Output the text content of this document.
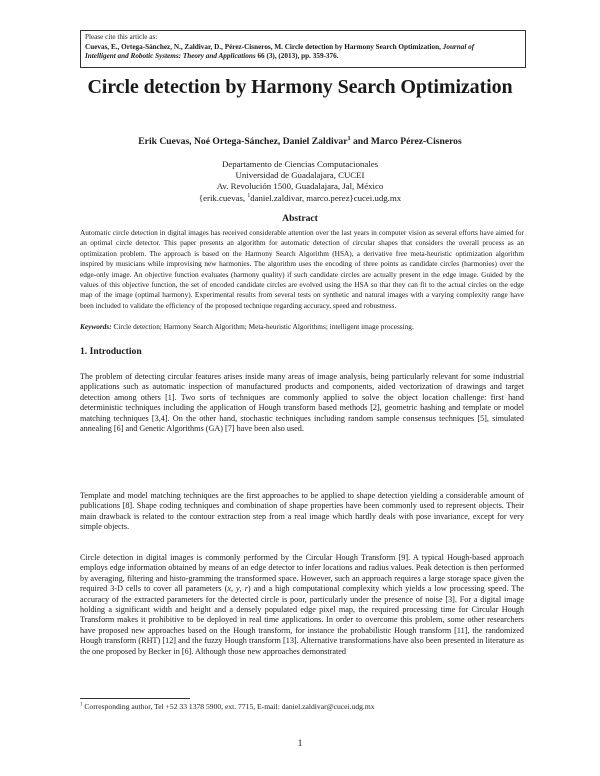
Please cite this article as:
Cuevas, E., Ortega-Sánchez, N., Zaldivar, D., Pérez-Cisneros, M. Circle detection by Harmony Search Optimization, Journal of
Intelligent and Robotic Systems: Theory and Applications 66 (3), (2013), pp. 359-376.
Circle detection by Harmony Search Optimization
Erik Cuevas, Noé Ortega-Sánchez, Daniel Zaldivar$^1$ and Marco Pérez-Cisneros
Departamento de Ciencias Computacionales
Universidad de Guadalajara, CUCEI
Av. Revolución 1500, Guadalajara, Jal, México
{erik.cuevas, $^1$daniel.zaldivar, marco.perez}cucei.udg.mx
Abstract

Automatic circle detection in digital images has received considerable attention over the last years in computer vision as several efforts have aimed for an optimal circle detector. This paper presents an algorithm for automatic detection of circular shapes that considers the overall process as an optimization problem. The approach is based on the Harmony Search Algorithm (HSA), a derivative free meta-heuristic optimization algorithm inspired by musicians while improvising new harmonies. The algorithm uses the encoding of three points as candidate circles (harmonies) over the edge-only image. An objective function evaluates (harmony quality) if such candidate circles are actually present in the edge image. Guided by the values of this objective function, the set of encoded candidate circles are evolved using the HSA so that they can fit to the actual circles on the edge map of the image (optimal harmony). Experimental results from several tests on synthetic and natural images with a varying complexity range have been included to validate the efficiency of the proposed technique regarding accuracy, speed and robustness.

Keywords: Circle detection; Harmony Search Algorithm; Meta-heuristic Algorithms; intelligent image processing.

1. Introduction

The problem of detecting circular features arises inside many areas of image analysis, being particularly relevant for some industrial applications such as automatic inspection of manufactured products and components, aided vectorization of drawings and target detection among others [1]. Two sorts of techniques are commonly applied to solve the object location challenge: first hand deterministic techniques including the application of Hough transform based methods [2], geometric hashing and template or model matching techniques [3,4]. On the other hand, stochastic techniques including random sample consensus techniques [5], simulated annealing [6] and Genetic Algorithms (GA) [7] have been also used.

Template and model matching techniques are the first approaches to be applied to shape detection yielding a considerable amount of publications [8]. Shape coding techniques and combination of shape properties have been commonly used to represent objects. Their main drawback is related to the contour extraction step from a real image which hardly deals with pose invariance, except for very simple objects.

Circle detection in digital images is commonly performed by the Circular Hough Transform [9]. A typical Hough-based approach employs edge information obtained by means of an edge detector to infer locations and radius values. Peak detection is then performed by averaging, filtering and histo-gramming the transformed space. However, such an approach requires a large storage space given the required 3-D cells to cover all parameters (x, y, r) and a high computational complexity which yields a low processing speed. The accuracy of the extracted parameters for the detected circle is poor, particularly under the presence of noise [3]. For a digital image holding a significant width and height and a densely populated edge pixel map, the required processing time for Circular Hough Transform makes it prohibitive to be deployed in real time applications. In order to overcome this problem, some other researchers have proposed new approaches based on the Hough transform, for instance the probabilistic Hough transform [11], the randomized Hough transform (RHT) [12] and the fuzzy Hough transform [13]. Alternative transformations have also been presented in literature as the one proposed by Becker in [6]. Although those new approaches demonstrated

$^1$ Corresponding author, Tel +52 33 1378 5900, ext. 7715, E-mail: daniel.zaldivar@cucei.udg.mx

1
